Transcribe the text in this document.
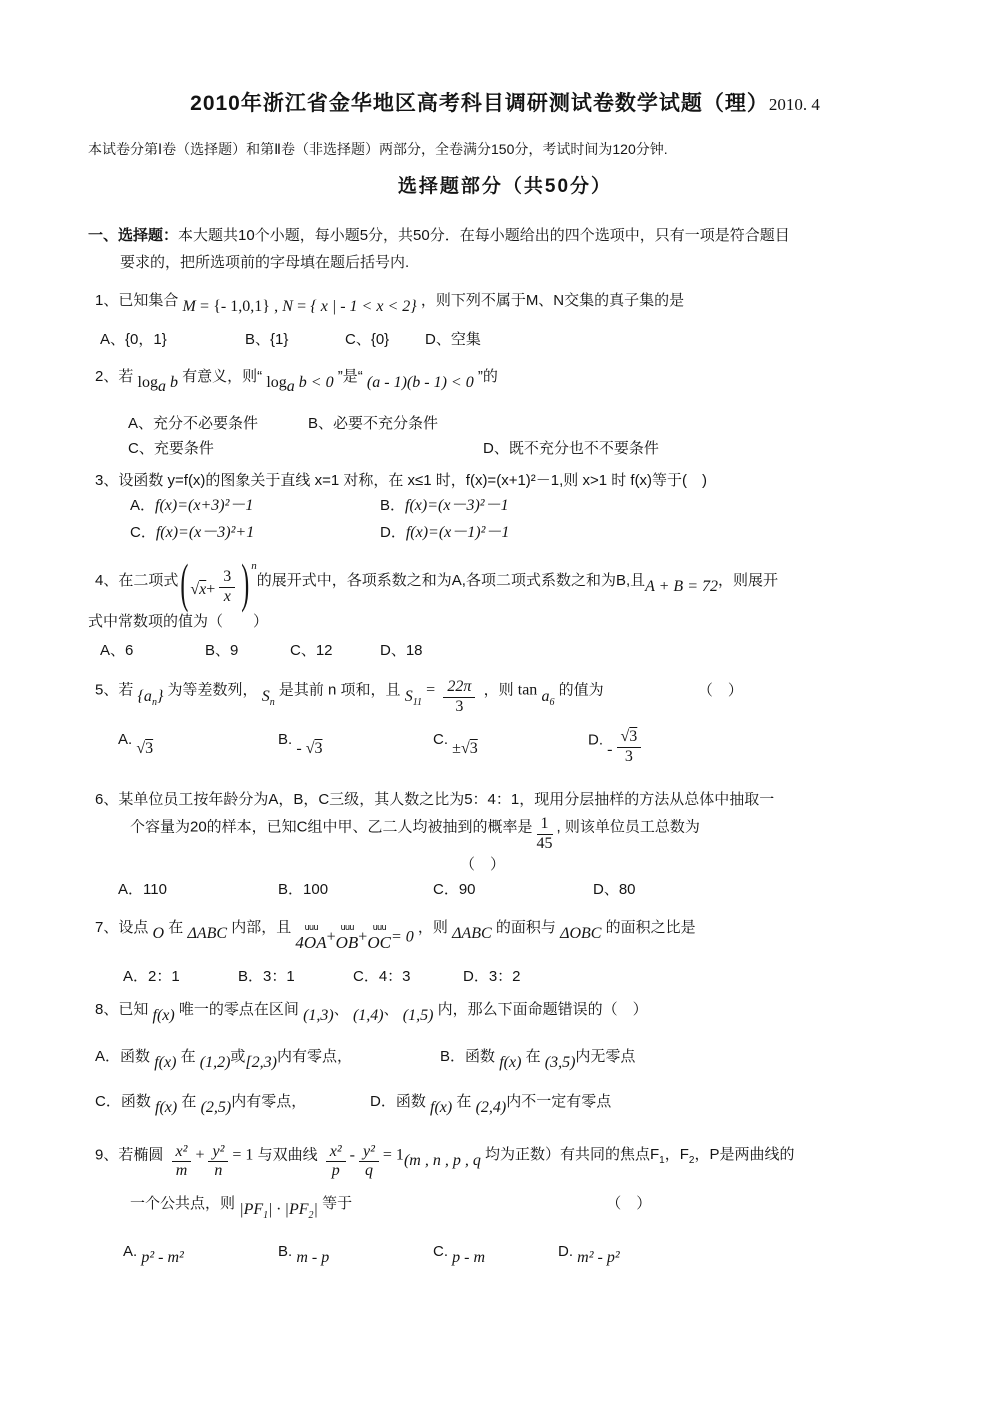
2010年浙江省金华地区高考科目调研测试卷数学试题（理）2010. 4
本试卷分第Ⅰ卷（选择题）和第Ⅱ卷（非选择题）两部分，全卷满分150分，考试时间为120分钟.
选择题部分（共50分）
一、选择题：本大题共10个小题，每小题5分，共50分．在每小题给出的四个选项中，只有一项是符合题目
要求的，把所选项前的字母填在题后括号内.
1、已知集合 M = {- 1,0,1} , N = { x | - 1 < x < 2} ，则下列不属于M、N交集的真子集的是
A、{0，1}	B、{1}	C、{0}	D、空集
2、若 $\log_a b$ 有意义，则“ $\log_a b < 0$ ”是“ (a - 1)(b - 1) < 0 ”的
A、充分不必要条件	B、必要不充分条件
C、充要条件	D、既不充分也不不要条件
3、设函数 y=f(x)的图象关于直线 x=1 对称，在 x≤1 时，f(x)=(x+1)²－1,则 x>1 时 f(x)等于(　)
A．f(x)=(x+3)²－1	B．f(x)=(x－3)²－1
C．f(x)=(x－3)²+1	D．f(x)=(x－1)²－1
4、在二项式( $√x+ \frac{3}{x}$ ) $^n$的展开式中，各项系数之和为A,各项二项式系数之和为B,且A + B = 72，则展开
式中常数项的值为（　　）
A、6	B、9	C、12	D、18
5、若 $\{a_n\}$ 为等差数列， $S_n$ 是其前 n 项和，且 $S_{11} = \frac{22\pi}{3}$ ，则 $\tan a_6$ 的值为	（　）
A. √3
B. - √3
C. ±√3
D. - $\frac{√3}{3}$
6、某单位员工按年龄分为A，B，C三级，其人数之比为5：4：1，现用分层抽样的方法从总体中抽取一
个容量为20的样本，已知C组中甲、乙二人均被抽到的概率是 $\frac{1}{45}$ , 则该单位员工总数为
（　）
A．110	B．100	C．90	D、80
7、设点 O 在 ΔABC 内部，且 uuu
4OA +
uuu
OB +
uuu
OC = 0 ，则 ΔABC 的面积与 ΔOBC 的面积之比是
A．2：1	B．3：1	C．4：3	D．3：2
8、已知 f(x) 唯一的零点在区间 (1,3)、 (1,4)、 (1,5) 内，那么下面命题错误的（　）
A．函数 f(x) 在 (1,2)或[2,3)内有零点，	B．函数 f(x) 在 (3,5)内无零点
C．函数 f(x) 在 (2,5)内有零点，	D．函数 f(x) 在 (2,4)内不一定有零点
9、若椭圆 $\frac{\text{x²}}{m} + \frac{\text{y²}}{n} = 1$ 与双曲线 $\frac{\text{x²}}{p} - \frac{\text{y²}}{q} = 1(m$ , n , p , q 均为正数）有共同的焦点$F_1$，$F_2$，P是两曲线的
一个公共点，则 $|PF_1| \cdot |PF_2|$ 等于	（　）
A. p² - m²	B. m - p	C. p - m	D. m² - p²
